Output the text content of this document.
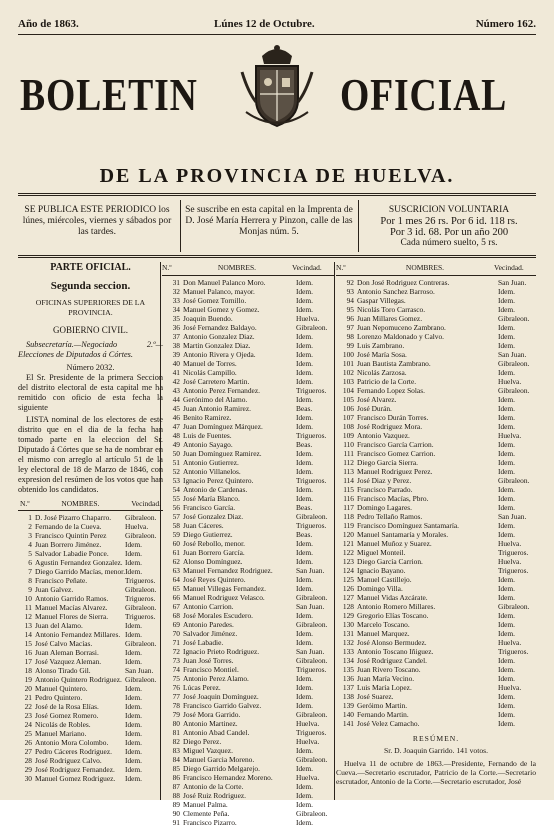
Año de 1863.	Lúnes 12 de Octubre.	Número 162.
BOLETIN	OFICIAL
DE LA PROVINCIA DE HUELVA.
SE PUBLICA ESTE PERIODICO los lúnes, miércoles, viernes y sábados por las tardes.
Se suscribe en esta capital en la Imprenta de D. José María Herrera y Pinzon, calle de las Monjas núm. 5.
SUSCRICION VOLUNTARIA
Por 1 mes 26 rs. Por 6 id. 118 rs.
Por 3 id. 68. Por un año 200
Cada número suelto, 5 rs.
PARTE OFICIAL.
Segunda seccion.
OFICINAS SUPERIORES DE LA PROVINCIA.
GOBIERNO CIVIL.
Subsecretaría.—Negociado 2.º—Elecciones de Diputados á Córtes.
Número 2032.
El Sr. Presidente de la primera Seccion del distrito electoral de esta capital me ha remitido con oficio de esta fecha la siguiente
LISTA nominal de los electores de este distrito que en el dia de la fecha han tomado parte en la eleccion del Sr. Diputado á Córtes que se ha de nombrar en el mismo con arreglo al artículo 51 de la ley electoral de 18 de Marzo de 1846, con expresion del resúmen de los votos que han obtenido los candidatos.
N.º	NOMBRES.	Vecindad.
1 D. José Pizarro Chaparro.	Gibraleon.
2 Fernando de la Cueva.	Huelva.
3 Francisco Quintin Perez	Gibraleon.
4 Juan Borrero Jiménez.	Idem.
5 Salvador Labadie Ponce.	Idem.
6 Agustin Fernandez Gonzalez. Idem.
7 Diego Garrido Macías, menor. Idem.
8 Francisco Peñate.	Trigueros.
9 Juan Galvez.	Gibraleon.
10 Antonio Garrido Ramos.	Trigueros.
11 Manuel Macías Alvarez.	Gibraleon.
12 Manuel Flores de Sierra.	Trigueros.
13 Juan del Alamo.	Idem.
14 Antonio Fernandez Millares. Idem.
15 José Calvo Macías.	Gibraleon.
16 Juan Aleman Borrasi.	Idem.
17 José Vazquez Aleman.	Idem.
18 Alonso Tirado Gil.	San Juan.
19 Antonio Quintero Rodriguez. Gibraleon.
20 Manuel Quintero.	Idem.
21 Pedro Quintero.	Idem.
22 José de la Rosa Elías.	Idem.
23 José Gomez Romero.	Idem.
24 Nicolás de Robles.	Idem.
25 Manuel Mariano.	Idem.
26 Antonio Mora Colombo.	Idem.
27 Pedro Cáceres Rodriguez.	Idem.
28 José Rodriguez Calvo.	Idem.
29 José Rodriguez Fernandez.	Idem.
30 Manuel Gomez Rodriguez.	Idem.
N.º	NOMBRES.	Vecindad.
31 Don Manuel Palanco Moro.	Idem.
32 Manuel Palanco, mayor.	Idem.
33 José Gomez Tornillo.	Idem.
34 Manuel Gomez y Gomez.	Idem.
35 Joaquin Buendo.	Huelva.
36 José Fernandez Baldayo.	Gibraleon.
37 Antonio Gonzalez Diaz.	Idem.
38 Martin Gonzalez Diaz.	Idem.
39 Antonio Rivera y Ojeda.	Idem.
40 Manuel de Torres.	Idem.
41 Nicolás Campillo.	Idem.
42 José Carretero Martin.	Idem.
43 Antonio Perez Fernandez.	Trigueros.
44 Gerónimo del Alamo.	Idem.
45 Juan Antonio Ramirez.	Beas.
46 Benito Ramirez.	Idem.
47 Juan Domínguez Márquez.	Idem.
48 Luis de Fuentes.	Trigueros.
49 Antonio Sayago.	Beas.
50 Juan Domínguez Ramirez.	Idem.
51 Antonio Gutierrez.	Idem.
52 Antonio Villanelos.	Idem.
53 Ignacio Perez Quintero.	Trigueros.
54 Antonio de Cardenas.	Idem.
55 José María Blanco.	Idem.
56 Francisco García.	Beas.
57 José Gonzalez Diaz.	Gibraleon.
58 Juan Cáceres.	Trigueros.
59 Diego Gutierrez.	Beas.
60 José Rebollo, menor.	Idem.
61 Juan Borrero García.	Idem.
62 Alonso Domínguez.	Idem.
63 Manuel Fernandez Rodriguez.	San Juan.
64 José Reyes Quintero.	Idem.
65 Manuel Villegas Fernandez.	Idem.
66 Manuel Rodriguez Velasco.	Gibraleon.
67 Antonio Carrion.	San Juan.
68 José Morales Escudero.	Idem.
69 Antonio Paredes.	Gibraleon.
70 Salvador Jiménez.	Idem.
71 José Labadie.	Idem.
72 Ignacio Prieto Rodriguez.	San Juan.
73 Juan José Torres.	Gibraleon.
74 Francisco Montiel.	Trigueros.
75 Antonio Perez Alamo.	Idem.
76 Lúcas Perez.	Idem.
77 José Joaquin Domínguez.	Idem.
78 Francisco Garrido Galvez.	Idem.
79 José Mora Garrido.	Gibraleon.
80 Antonio Martinez.	Huelva.
81 Antonio Abad Candel.	Trigueros.
82 Diego Perez.	Huelva.
83 Miguel Vazquez.	Idem.
84 Manuel Garcia Moreno.	Gibraleon.
85 Diego Garrido Melgarejo.	Idem.
86 Francisco Hernandez Moreno.	Huelva.
87 Antonio de la Corte.	Idem.
88 José Ruiz Rodriguez.	Idem.
89 Manuel Palma.	Idem.
90 Clemente Peña.	Gibraleon.
91 Francisco Pizarro.	Idem.
N.º	NOMBRES.	Vecindad.
92 Don José Rodriguez Contreras.	San Juan.
93 Antonio Sanchez Barroso.	Idem.
94 Gaspar Villegas.	Idem.
95 Nicolás Toro Carrasco.	Idem.
96 Juan Millares Gomez.	Gibraleon.
97 Juan Nepomuceno Zambrano.	Idem.
98 Lorenzo Maldonado y Calvo.	Idem.
99 Luis Zambrano.	Idem.
100 José María Sosa.	San Juan.
101 Juan Bautista Zambrano.	Gibraleon.
102 Nicolás Zarzosa.	Idem.
103 Patricio de la Corte.	Huelva.
104 Fernando Lopez Solas.	Gibraleon.
105 José Alvarez.	Idem.
106 José Durán.	Idem.
107 Francisco Durán Torres.	Idem.
108 José Rodriguez Mora.	Idem.
109 Antonio Vazquez.	Huelva.
110 Francisco García Carrion.	Idem.
111 Francisco Gomez Carrion.	Idem.
112 Diego García Sierra.	Idem.
113 Manuel Rodriguez Perez.	Idem.
114 José Diaz y Perez.	Gibraleon.
115 Francisco Parrado.	Idem.
116 Francisco Macías, Pbro.	Idem.
117 Domingo Lagares.	Idem.
118 Pedro Tellaño Ramos.	San Juan.
119 Francisco Domínguez Santamaría.	Idem.
120 Manuel Santamaría y Morales.	Idem.
121 Manuel Muñoz y Suarez.	Huelva.
122 Miguel Monteil.	Trigueros.
123 Diego García Carrion.	Huelva.
124 Ignacio Bayano.	Trigueros.
125 Manuel Castillejo.	Idem.
126 Domingo Villa.	Idem.
127 Manuel Vidas Azcárate.	Idem.
128 Antonio Romero Millares.	Gibraleon.
129 Gregorio Elías Toscano.	Idem.
130 Marcelo Toscano.	Idem.
131 Manuel Marquez.	Idem.
132 José Alonso Bermudez.	Huelva.
133 Antonio Toscano Iñiguez.	Trigueros.
134 José Rodriguez Candel.	Idem.
135 Juan Rivero Toscano.	Idem.
136 Juan María Vecino.	Idem.
137 Luis María Lopez.	Huelva.
138 José Suarez.	Idem.
139 Geróimo Martin.	Idem.
140 Fernando Martin.	Idem.
141 José Velez Camacho.	Idem.
RESÚMEN.
Sr. D. Joaquin Garrido. 141 votos.
Huelva 11 de octubre de 1863.—Presidente, Fernando de la Cueva.—Secretario escrutador, Patricio de la Corte.—Secretario escrutador, Antonio de la Corte.—Secretario escrutador, José
